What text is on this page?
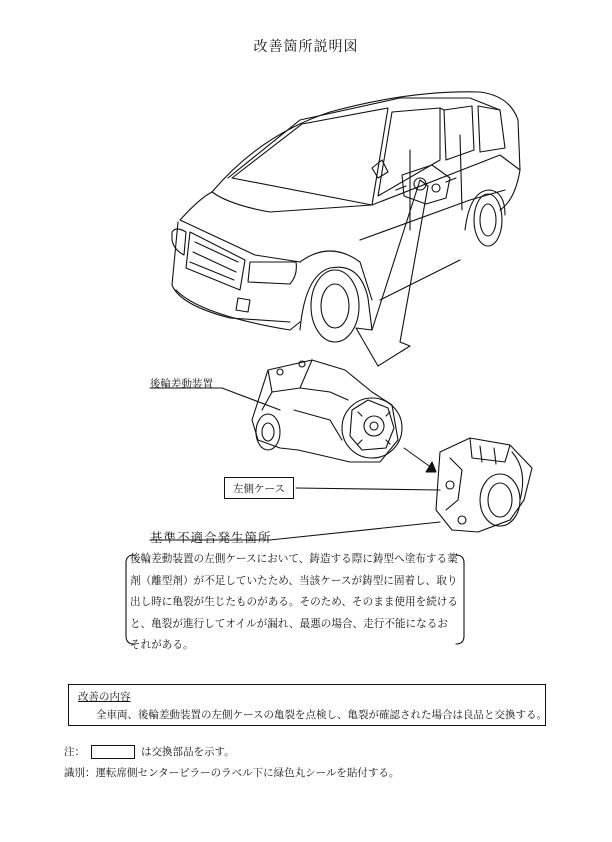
改善箇所説明図
後輪差動装置
左側ケース
基準不適合発生箇所
後輪差動装置の左側ケースにおいて、鋳造する際に鋳型へ塗布する薬剤（離型剤）が不足していたため、当該ケースが鋳型に固着し、取り出し時に亀裂が生じたものがある。そのため、そのまま使用を続けると、亀裂が進行してオイルが漏れ、最悪の場合、走行不能になるおそれがある。
改善の内容
全車両、後輪差動装置の左側ケースの亀裂を点検し、亀裂が確認された場合は良品と交換する。
注：	は交換部品を示す。
識別：運転席側センターピラーのラベル下に緑色丸シールを貼付する。
